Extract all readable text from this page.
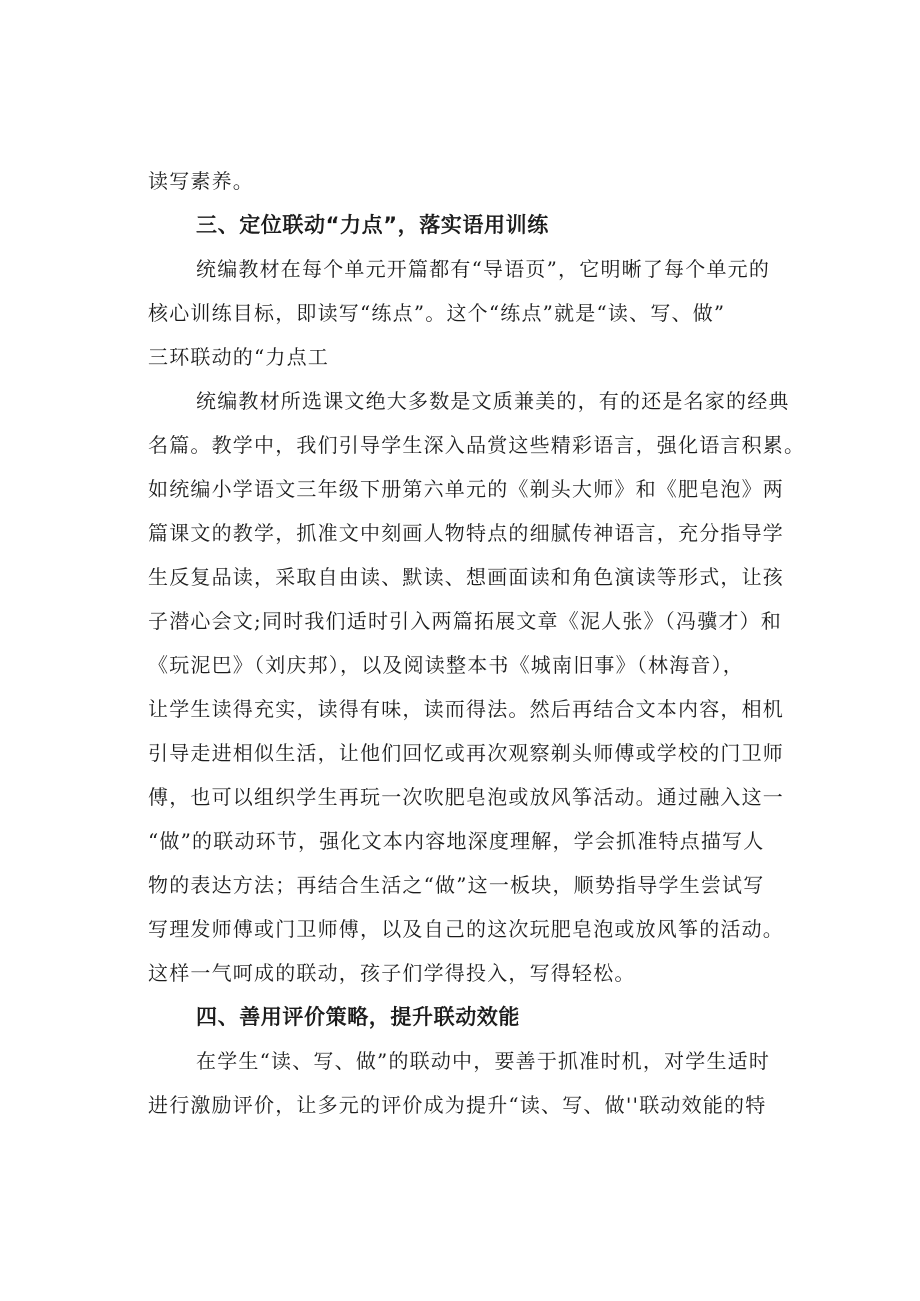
读写素养。
三、定位联动“力点”，落实语用训练
统编教材在每个单元开篇都有“导语页”，它明晰了每个单元的
核心训练目标，即读写“练点”。这个“练点”就是“读、写、做”
三环联动的“力点工
统编教材所选课文绝大多数是文质兼美的，有的还是名家的经典
名篇。教学中，我们引导学生深入品赏这些精彩语言，强化语言积累。
如统编小学语文三年级下册第六单元的《剃头大师》和《肥皂泡》两
篇课文的教学，抓准文中刻画人物特点的细腻传神语言，充分指导学
生反复品读，采取自由读、默读、想画面读和角色演读等形式，让孩
子潜心会文;同时我们适时引入两篇拓展文章《泥人张》（冯骥才）和
《玩泥巴》（刘庆邦），以及阅读整本书《城南旧事》（林海音），
让学生读得充实，读得有味，读而得法。然后再结合文本内容，相机
引导走进相似生活，让他们回忆或再次观察剃头师傅或学校的门卫师
傅，也可以组织学生再玩一次吹肥皂泡或放风筝活动。通过融入这一
“做”的联动环节，强化文本内容地深度理解，学会抓准特点描写人
物的表达方法；再结合生活之“做”这一板块，顺势指导学生尝试写
写理发师傅或门卫师傅，以及自己的这次玩肥皂泡或放风筝的活动。
这样一气呵成的联动，孩子们学得投入，写得轻松。
四、善用评价策略，提升联动效能
在学生“读、写、做”的联动中，要善于抓准时机，对学生适时
进行激励评价，让多元的评价成为提升“读、写、做''联动效能的特
